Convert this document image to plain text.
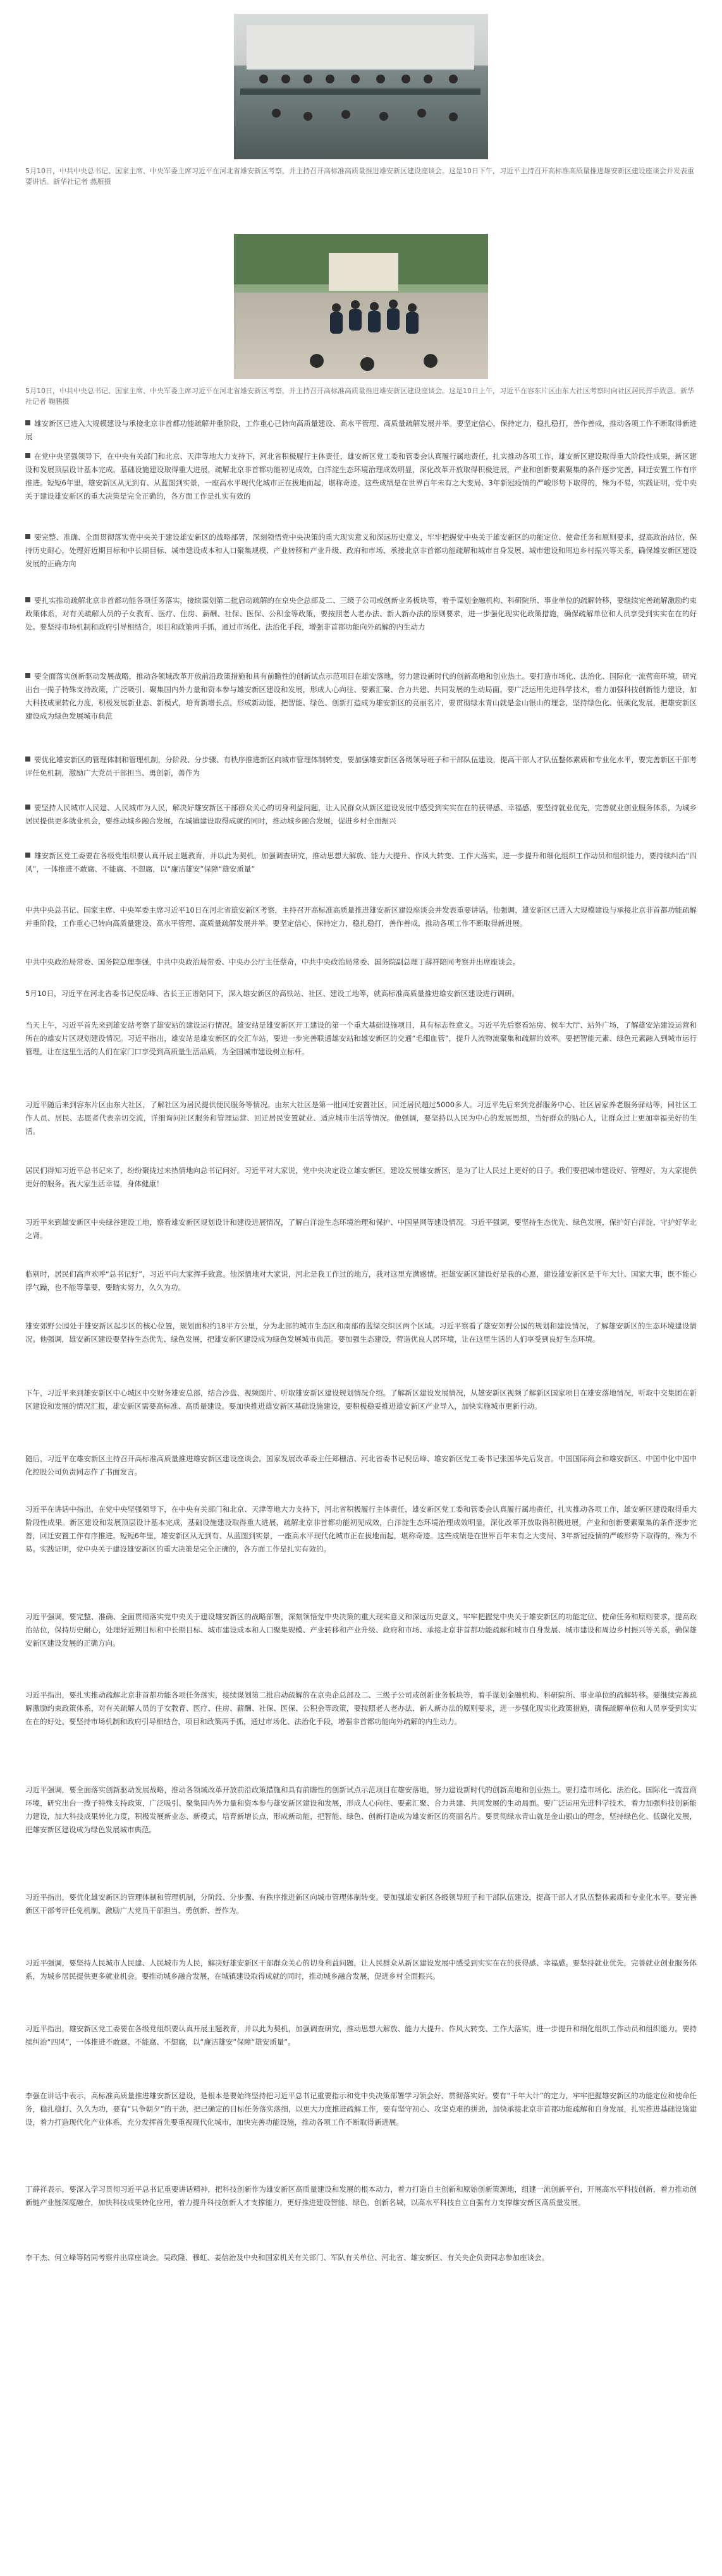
5月10日，中共中央总书记、国家主席、中央军委主席习近平在河北省雄安新区考察，并主持召开高标准高质量推进雄安新区建设座谈会。这是10日下午，习近平主持召开高标准高质量推进雄安新区建设座谈会并发表重要讲话。新华社记者 燕雁摄
5月10日，中共中央总书记、国家主席、中央军委主席习近平在河北省雄安新区考察，并主持召开高标准高质量推进雄安新区建设座谈会。这是10日上午，习近平在容东片区由东大社区考察时向社区居民挥手致意。新华社记者 鞠鹏摄

雄安新区已进入大规模建设与承接北京非首都功能疏解并重阶段，工作重心已转向高质量建设、高水平管理、高质量疏解发展并举。要坚定信心，保持定力，稳扎稳打，善作善成，推动各项工作不断取得新进展

在党中央坚强领导下，在中央有关部门和北京、天津等地大力支持下，河北省积极履行主体责任，雄安新区党工委和管委会认真履行属地责任，扎实推动各项工作，雄安新区建设取得重大阶段性成果，新区建设和发展顶层设计基本完成，基础设施建设取得重大进展，疏解北京非首都功能初见成效，白洋淀生态环境治理成效明显，深化改革开放取得积极进展，产业和创新要素聚集的条件逐步完善，回迁安置工作有序推进。短短6年里，雄安新区从无到有、从蓝图到实景，一座高水平现代化城市正在拔地而起，堪称奇迹。这些成绩是在世界百年未有之大变局、3年新冠疫情的严峻形势下取得的，殊为不易，实践证明，党中央关于建设雄安新区的重大决策是完全正确的，各方面工作是扎实有效的

要完整、准确、全面贯彻落实党中央关于建设雄安新区的战略部署，深刻领悟党中央决策的重大现实意义和深远历史意义，牢牢把握党中央关于雄安新区的功能定位、使命任务和原则要求，提高政治站位，保持历史耐心，处理好近期目标和中长期目标、城市建设成本和人口聚集规模、产业转移和产业升级、政府和市场、承接北京非首都功能疏解和城市自身发展、城市建设和周边乡村振兴等关系，确保雄安新区建设发展的正确方向

要扎实推动疏解北京非首都功能各项任务落实，接续谋划第二批启动疏解的在京央企总部及二、三级子公司或创新业务板块等，着手谋划金融机构、科研院所、事业单位的疏解转移，要继续完善疏解激励约束政策体系，对有关疏解人员的子女教育、医疗、住房、薪酬、社保、医保、公积金等政策，要按照老人老办法、新人新办法的原则要求，进一步强化现实化政策措施，确保疏解单位和人员享受到实实在在的好处。要坚持市场机制和政府引导相结合，项目和政策两手抓，通过市场化、法治化手段，增强非首都功能向外疏解的内生动力

要全面落实创新驱动发展战略，推动各领域改革开放前沿政策措施和具有前瞻性的创新试点示范项目在雄安落地，努力建设新时代的创新高地和创业热土。要打造市场化、法治化、国际化一流营商环境，研究出台一揽子特殊支持政策，广泛吸引、聚集国内外力量和资本参与雄安新区建设和发展，形成人心向往、要素汇聚、合力共建、共同发展的生动局面。要广泛运用先进科学技术，着力加强科技创新能力建设，加大科技成果转化力度，积极发展新业态、新模式，培育新增长点，形成新动能，把智能、绿色、创新打造成为雄安新区的亮丽名片，要贯彻绿水青山就是金山银山的理念，坚持绿色化、低碳化发展，把雄安新区建设成为绿色发展城市典范

要优化雄安新区的管理体制和管理机制，分阶段、分步骤、有秩序推进新区向城市管理体制转变，要加强雄安新区各级领导班子和干部队伍建设，提高干部人才队伍整体素质和专业化水平，要完善新区干部考评任免机制，激励广大党员干部担当、勇创新，善作为

要坚持人民城市人民建、人民城市为人民，解决好雄安新区干部群众关心的切身利益问题，让人民群众从新区建设发展中感受到实实在在的获得感、幸福感，要坚持就业优先，完善就业创业服务体系，为城乡居民提供更多就业机会，要推动城乡融合发展，在城镇建设取得成就的同时，推动城乡融合发展，促进乡村全面振兴

雄安新区党工委要在各级党组织要认真开展主题教育，并以此为契机，加强调查研究，推动思想大解放、能力大提升、作风大转变、工作大落实，进一步提升和细化组织工作动员和组织能力，要持续纠治“四风”，一体推进不敢腐、不能腐、不想腐，以“廉洁雄安”保障“雄安质量”

中共中央总书记、国家主席、中央军委主席习近平10日在河北省雄安新区考察，主持召开高标准高质量推进雄安新区建设座谈会并发表重要讲话。他强调，雄安新区已进入大规模建设与承接北京非首都功能疏解并重阶段，工作重心已转向高质量建设、高水平管理、高质量疏解发展并举。要坚定信心，保持定力，稳扎稳打，善作善成，推动各项工作不断取得新进展。

中共中央政治局常委、国务院总理李强，中共中央政治局常委、中央办公厅主任蔡奇，中共中央政治局常委、国务院副总理丁薛祥陪同考察并出席座谈会。

5月10日，习近平在河北省委书记倪岳峰、省长王正谱陪同下，深入雄安新区的高铁站、社区、建设工地等，就高标准高质量推进雄安新区建设进行调研。

当天上午，习近平首先来到雄安站考察了雄安站的建设运行情况。雄安站是雄安新区开工建设的第一个重大基础设施项目，具有标志性意义。习近平先后察看站房、候车大厅、站外广场，了解雄安站建设运营和所在的雄安片区规划建设情况。习近平指出，雄安站是雄安新区的交汇车站，要进一步完善联通雄安站和雄安新区的交通“毛细血管”，提升人流物流聚集和疏解的效率。要把智能元素、绿色元素融入到城市运行管理，让在这里生活的人们在家门口享受到高质量生活品质，为全国城市建设树立标杆。

习近平随后来到容东片区由东大社区，了解社区为居民提供便民服务等情况。由东大社区是第一批回迁安置社区，回迁居民超过5000多人。习近平先后来到党群服务中心、社区居家养老服务驿站等，同社区工作人员、居民、志愿者代表亲切交流，详细询问社区服务和管理运营、回迁居民安置就业、适应城市生活等情况。他强调，要坚持以人民为中心的发展思想，当好群众的贴心人，让群众过上更加幸福美好的生活。

居民们得知习近平总书记来了，纷纷聚拢过来热情地向总书记问好。习近平对大家说，党中央决定设立雄安新区，建设发展雄安新区，是为了让人民过上更好的日子。我们要把城市建设好、管理好，为大家提供更好的服务。祝大家生活幸福，身体健康！

习近平来到雄安新区中央绿谷建设工地，察看雄安新区规划设计和建设进展情况，了解白洋淀生态环境治理和保护、中国星网等建设情况。习近平强调，要坚持生态优先、绿色发展，保护好白洋淀，守护好华北之肾。

临别时，居民们高声欢呼“总书记好”，习近平向大家挥手致意。他深情地对大家说，河北是我工作过的地方，我对这里充满感情。把雄安新区建设好是我的心愿，建设雄安新区是千年大计、国家大事，既不能心浮气躁，也不能等靠要，要踏实努力，久久为功。

雄安郊野公园处于雄安新区起步区的核心位置，规划面积约18平方公里，分为北部的城市生态区和南部的蓝绿交织区两个区域。习近平察看了雄安郊野公园的规划和建设情况，了解雄安新区的生态环境建设情况。他强调，雄安新区建设要坚持生态优先、绿色发展，把雄安新区建设成为绿色发展城市典范。要加强生态建设，营造优良人居环境，让在这里生活的人们享受到良好生态环境。

下午，习近平来到雄安新区中心城区中交财务雄安总部，结合沙盘、视频图片、听取雄安新区建设规划情况介绍。了解新区建设发展情况，从雄安新区视频了解新区国家项目在雄安落地情况，听取中交集团在新区建设和发展的情况汇报，雄安新区需要高标准、高质量建设。要加快推进雄安新区基础设施建设，要积极稳妥推进雄安新区产业导入，加快实施城市更新行动。

随后，习近平在雄安新区主持召开高标准高质量推进雄安新区建设座谈会。国家发展改革委主任郑栅洁、河北省委书记倪岳峰、雄安新区党工委书记张国华先后发言。中国国际商会和雄安新区、中国中化中国中化控股公司负责同志作了书面发言。

习近平在讲话中指出，在党中央坚强领导下，在中央有关部门和北京、天津等地大力支持下，河北省积极履行主体责任，雄安新区党工委和管委会认真履行属地责任，扎实推动各项工作，雄安新区建设取得重大阶段性成果。新区建设和发展顶层设计基本完成，基础设施建设取得重大进展，疏解北京非首都功能初见成效，白洋淀生态环境治理成效明显，深化改革开放取得积极进展，产业和创新要素聚集的条件逐步完善，回迁安置工作有序推进。短短6年里，雄安新区从无到有、从蓝图到实景，一座高水平现代化城市正在拔地而起，堪称奇迹。这些成绩是在世界百年未有之大变局、3年新冠疫情的严峻形势下取得的，殊为不易。实践证明，党中央关于建设雄安新区的重大决策是完全正确的，各方面工作是扎实有效的。

习近平强调，要完整、准确、全面贯彻落实党中央关于建设雄安新区的战略部署，深刻领悟党中央决策的重大现实意义和深远历史意义，牢牢把握党中央关于雄安新区的功能定位、使命任务和原则要求，提高政治站位，保持历史耐心，处理好近期目标和中长期目标、城市建设成本和人口聚集规模、产业转移和产业升级、政府和市场、承接北京非首都功能疏解和城市自身发展、城市建设和周边乡村振兴等关系，确保雄安新区建设发展的正确方向。

习近平指出，要扎实推动疏解北京非首都功能各项任务落实，接续谋划第二批启动疏解的在京央企总部及二、三级子公司或创新业务板块等，着手谋划金融机构、科研院所、事业单位的疏解转移。要继续完善疏解激励约束政策体系，对有关疏解人员的子女教育、医疗、住房、薪酬、社保、医保、公积金等政策，要按照老人老办法、新人新办法的原则要求，进一步强化现实化政策措施，确保疏解单位和人员享受到实实在在的好处。要坚持市场机制和政府引导相结合，项目和政策两手抓，通过市场化、法治化手段，增强非首都功能向外疏解的内生动力。

习近平强调，要全面落实创新驱动发展战略，推动各领域改革开放前沿政策措施和具有前瞻性的创新试点示范项目在雄安落地，努力建设新时代的创新高地和创业热土。要打造市场化、法治化、国际化一流营商环境，研究出台一揽子特殊支持政策，广泛吸引、聚集国内外力量和资本参与雄安新区建设和发展，形成人心向往、要素汇聚、合力共建、共同发展的生动局面。要广泛运用先进科学技术，着力加强科技创新能力建设，加大科技成果转化力度，积极发展新业态、新模式，培育新增长点，形成新动能，把智能、绿色、创新打造成为雄安新区的亮丽名片。要贯彻绿水青山就是金山银山的理念，坚持绿色化、低碳化发展，把雄安新区建设成为绿色发展城市典范。

习近平指出，要优化雄安新区的管理体制和管理机制，分阶段、分步骤、有秩序推进新区向城市管理体制转变。要加强雄安新区各级领导班子和干部队伍建设，提高干部人才队伍整体素质和专业化水平。要完善新区干部考评任免机制，激励广大党员干部担当、勇创新、善作为。

习近平强调，要坚持人民城市人民建、人民城市为人民，解决好雄安新区干部群众关心的切身利益问题，让人民群众从新区建设发展中感受到实实在在的获得感、幸福感。要坚持就业优先，完善就业创业服务体系，为城乡居民提供更多就业机会。要推动城乡融合发展，在城镇建设取得成就的同时，推动城乡融合发展，促进乡村全面振兴。

习近平指出，雄安新区党工委要在各级党组织要认真开展主题教育，并以此为契机，加强调查研究，推动思想大解放、能力大提升、作风大转变、工作大落实，进一步提升和细化组织工作动员和组织能力。要持续纠治“四风”，一体推进不敢腐、不能腐、不想腐，以“廉洁雄安”保障“雄安质量”。

李强在讲话中表示，高标准高质量推进雄安新区建设，是根本是要始终坚持把习近平总书记重要指示和党中央决策部署学习领会好、贯彻落实好。要有“千年大计”的定力，牢牢把握雄安新区的功能定位和使命任务，稳扎稳打、久久为功，要有“只争朝夕”的干劲，把已确定的目标任务落实落细，以更大力度推进疏解工作，要有坚守初心、攻坚克难的拼劲，加快承接北京非首都功能疏解和自身发展，扎实推进基础设施建设，着力打造现代化产业体系，充分发挥首先要重视现代化城市，加快完善功能设施，推动各项工作不断取得新进展。

丁薛祥表示，要深入学习贯彻习近平总书记重要讲话精神，把科技创新作为雄安新区高质量建设和发展的根本动力，着力打造自主创新和原始创新策源地，组建一流创新平台，开展高水平科技创新，着力推动创新链产业链深度融合，加快科技成果转化应用，着力提升科技创新人才支撑能力，更好推进建设智能、绿色、创新名城，以高水平科技自立自强有力支撑雄安新区高质量发展。

李干杰、何立峰等陪同考察并出席座谈会。吴政隆、穆虹、姜信治及中央和国家机关有关部门、军队有关单位、河北省、雄安新区、有关央企负责同志参加座谈会。
